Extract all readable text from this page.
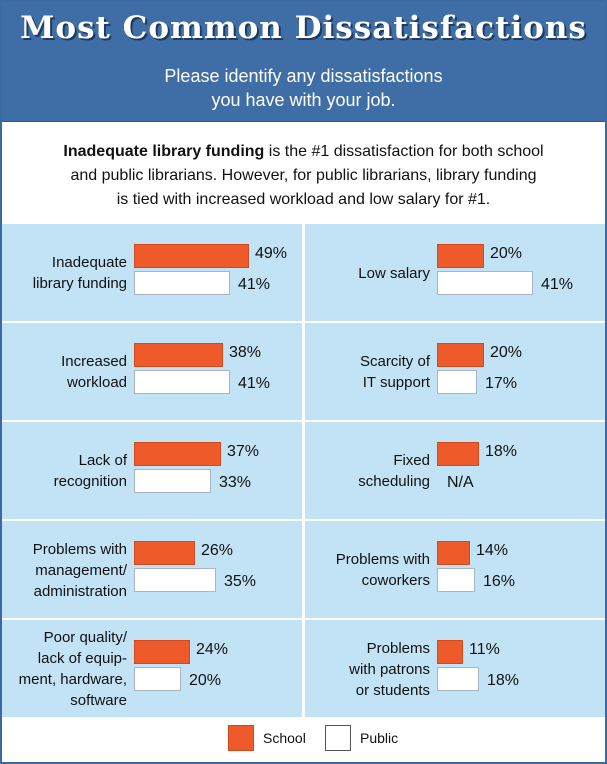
Most Common Dissatisfactions
Please identify any dissatisfactions
you have with your job.
Inadequate library funding is the #1 dissatisfaction for both school
and public librarians. However, for public librarians, library funding
is tied with increased workload and low salary for #1.
Inadequate
library funding
49%
41%
Low salary
20%
41%
Increased
workload
38%
41%
Scarcity of
IT support
20%
17%
Lack of
recognition
37%
33%
Fixed
scheduling
18%
N/A
Problems with
management/
administration
26%
35%
Problems with
coworkers
14%
16%
Poor quality/
lack of equip-
ment, hardware,
software
24%
20%
Problems
with patrons
or students
11%
18%
School	Public
